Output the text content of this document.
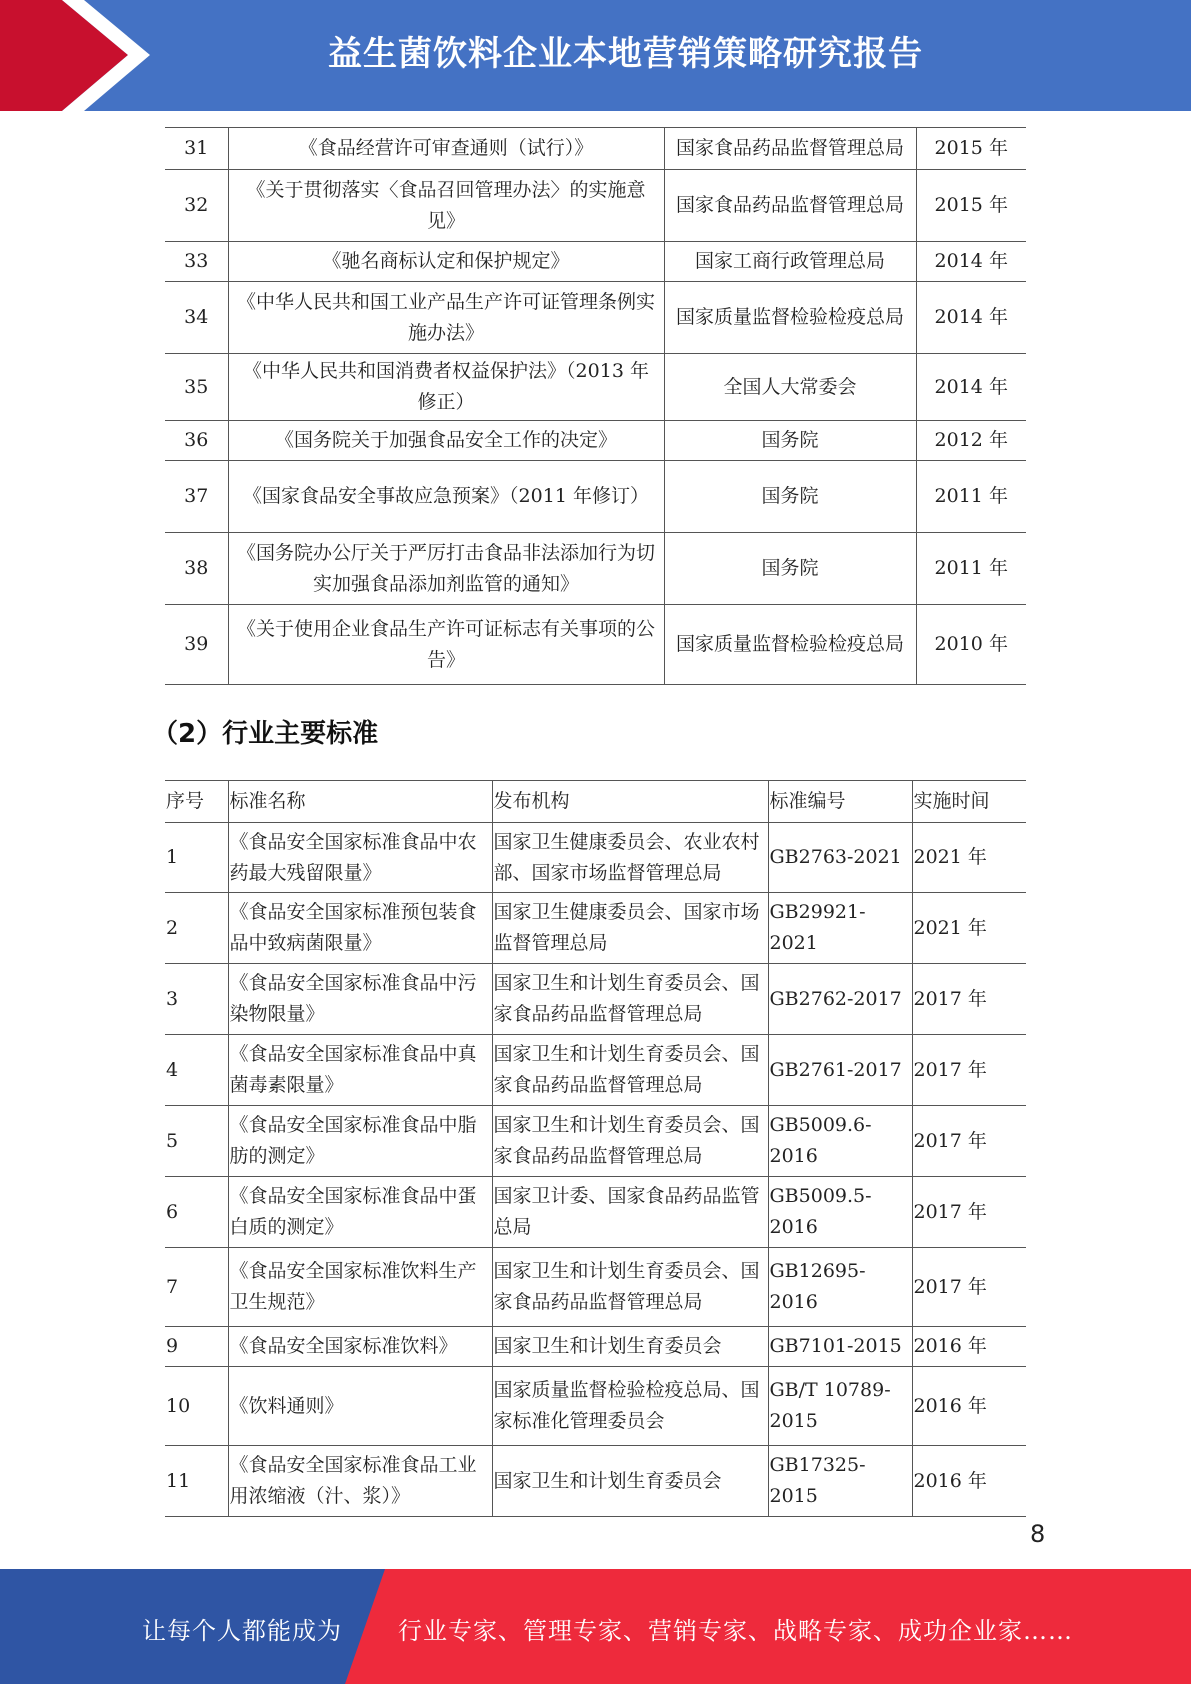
益生菌饮料企业本地营销策略研究报告
31	《食品经营许可审查通则（试行）》	国家食品药品监督管理总局	2015 年
32	《关于贯彻落实〈食品召回管理办法〉的实施意见》	国家食品药品监督管理总局	2015 年
33	《驰名商标认定和保护规定》	国家工商行政管理总局	2014 年
34	《中华人民共和国工业产品生产许可证管理条例实施办法》	国家质量监督检验检疫总局	2014 年
35	《中华人民共和国消费者权益保护法》（2013 年修正）	全国人大常委会	2014 年
36	《国务院关于加强食品安全工作的决定》	国务院	2012 年
37	《国家食品安全事故应急预案》（2011 年修订）	国务院	2011 年
38	《国务院办公厅关于严厉打击食品非法添加行为切实加强食品添加剂监管的通知》	国务院	2011 年
39	《关于使用企业食品生产许可证标志有关事项的公告》	国家质量监督检验检疫总局	2010 年
（2）行业主要标准
序号	标准名称	发布机构	标准编号	实施时间
1	《食品安全国家标准食品中农药最大残留限量》	国家卫生健康委员会、农业农村部、国家市场监督管理总局	GB2763-2021	2021 年
2	《食品安全国家标准预包装食品中致病菌限量》	国家卫生健康委员会、国家市场监督管理总局	GB29921-2021	2021 年
3	《食品安全国家标准食品中污染物限量》	国家卫生和计划生育委员会、国家食品药品监督管理总局	GB2762-2017	2017 年
4	《食品安全国家标准食品中真菌毒素限量》	国家卫生和计划生育委员会、国家食品药品监督管理总局	GB2761-2017	2017 年
5	《食品安全国家标准食品中脂肪的测定》	国家卫生和计划生育委员会、国家食品药品监督管理总局	GB5009.6-2016	2017 年
6	《食品安全国家标准食品中蛋白质的测定》	国家卫计委、国家食品药品监管总局	GB5009.5-2016	2017 年
7	《食品安全国家标准饮料生产卫生规范》	国家卫生和计划生育委员会、国家食品药品监督管理总局	GB12695-2016	2017 年
9	《食品安全国家标准饮料》	国家卫生和计划生育委员会	GB7101-2015	2016 年
10	《饮料通则》	国家质量监督检验检疫总局、国家标准化管理委员会	GB/T 10789-2015	2016 年
11	《食品安全国家标准食品工业用浓缩液（汁、浆）》	国家卫生和计划生育委员会	GB17325-2015	2016 年
8
让每个人都能成为 行业专家、管理专家、营销专家、战略专家、成功企业家……
